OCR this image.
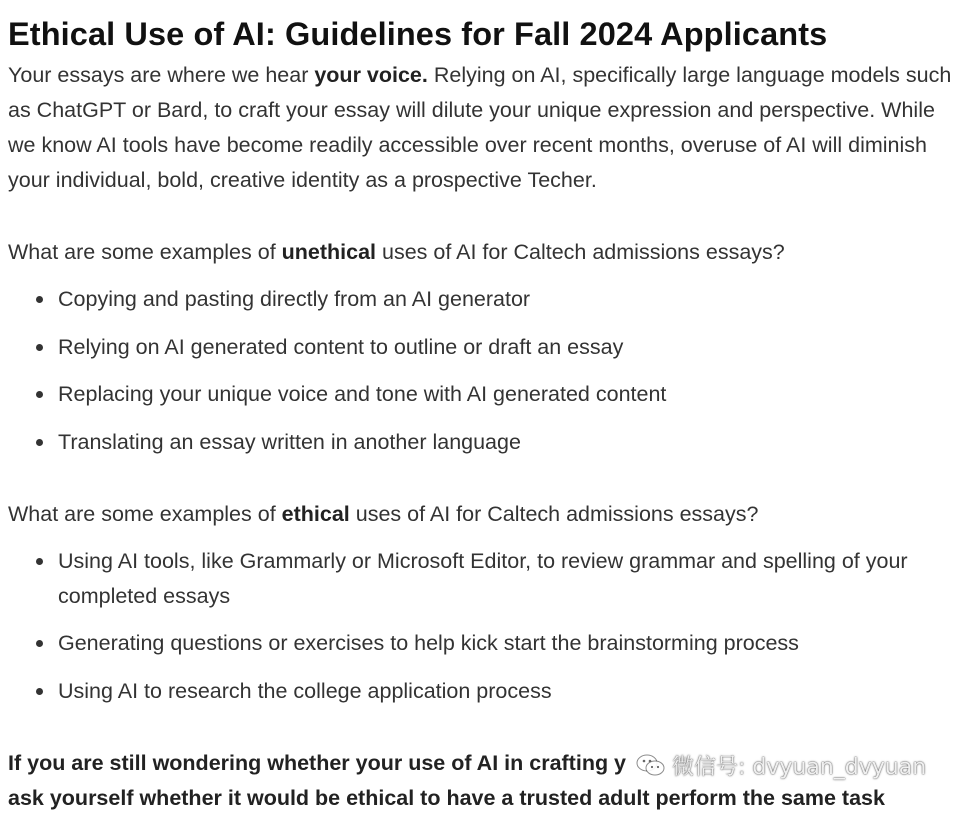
Ethical Use of AI: Guidelines for Fall 2024 Applicants

Your essays are where we hear your voice. Relying on AI, specifically large language models such as ChatGPT or Bard, to craft your essay will dilute your unique expression and perspective. While we know AI tools have become readily accessible over recent months, overuse of AI will diminish your individual, bold, creative identity as a prospective Techer.

What are some examples of unethical uses of AI for Caltech admissions essays?

Copying and pasting directly from an AI generator
Relying on AI generated content to outline or draft an essay
Replacing your unique voice and tone with AI generated content
Translating an essay written in another language

What are some examples of ethical uses of AI for Caltech admissions essays?

Using AI tools, like Grammarly or Microsoft Editor, to review grammar and spelling of your completed essays
Generating questions or exercises to help kick start the brainstorming process
Using AI to research the college application process
If you are still wondering whether your use of AI in crafting y
ask yourself whether it would be ethical to have a trusted adult perform the same task
微信号: dvyuan_dvyuan
